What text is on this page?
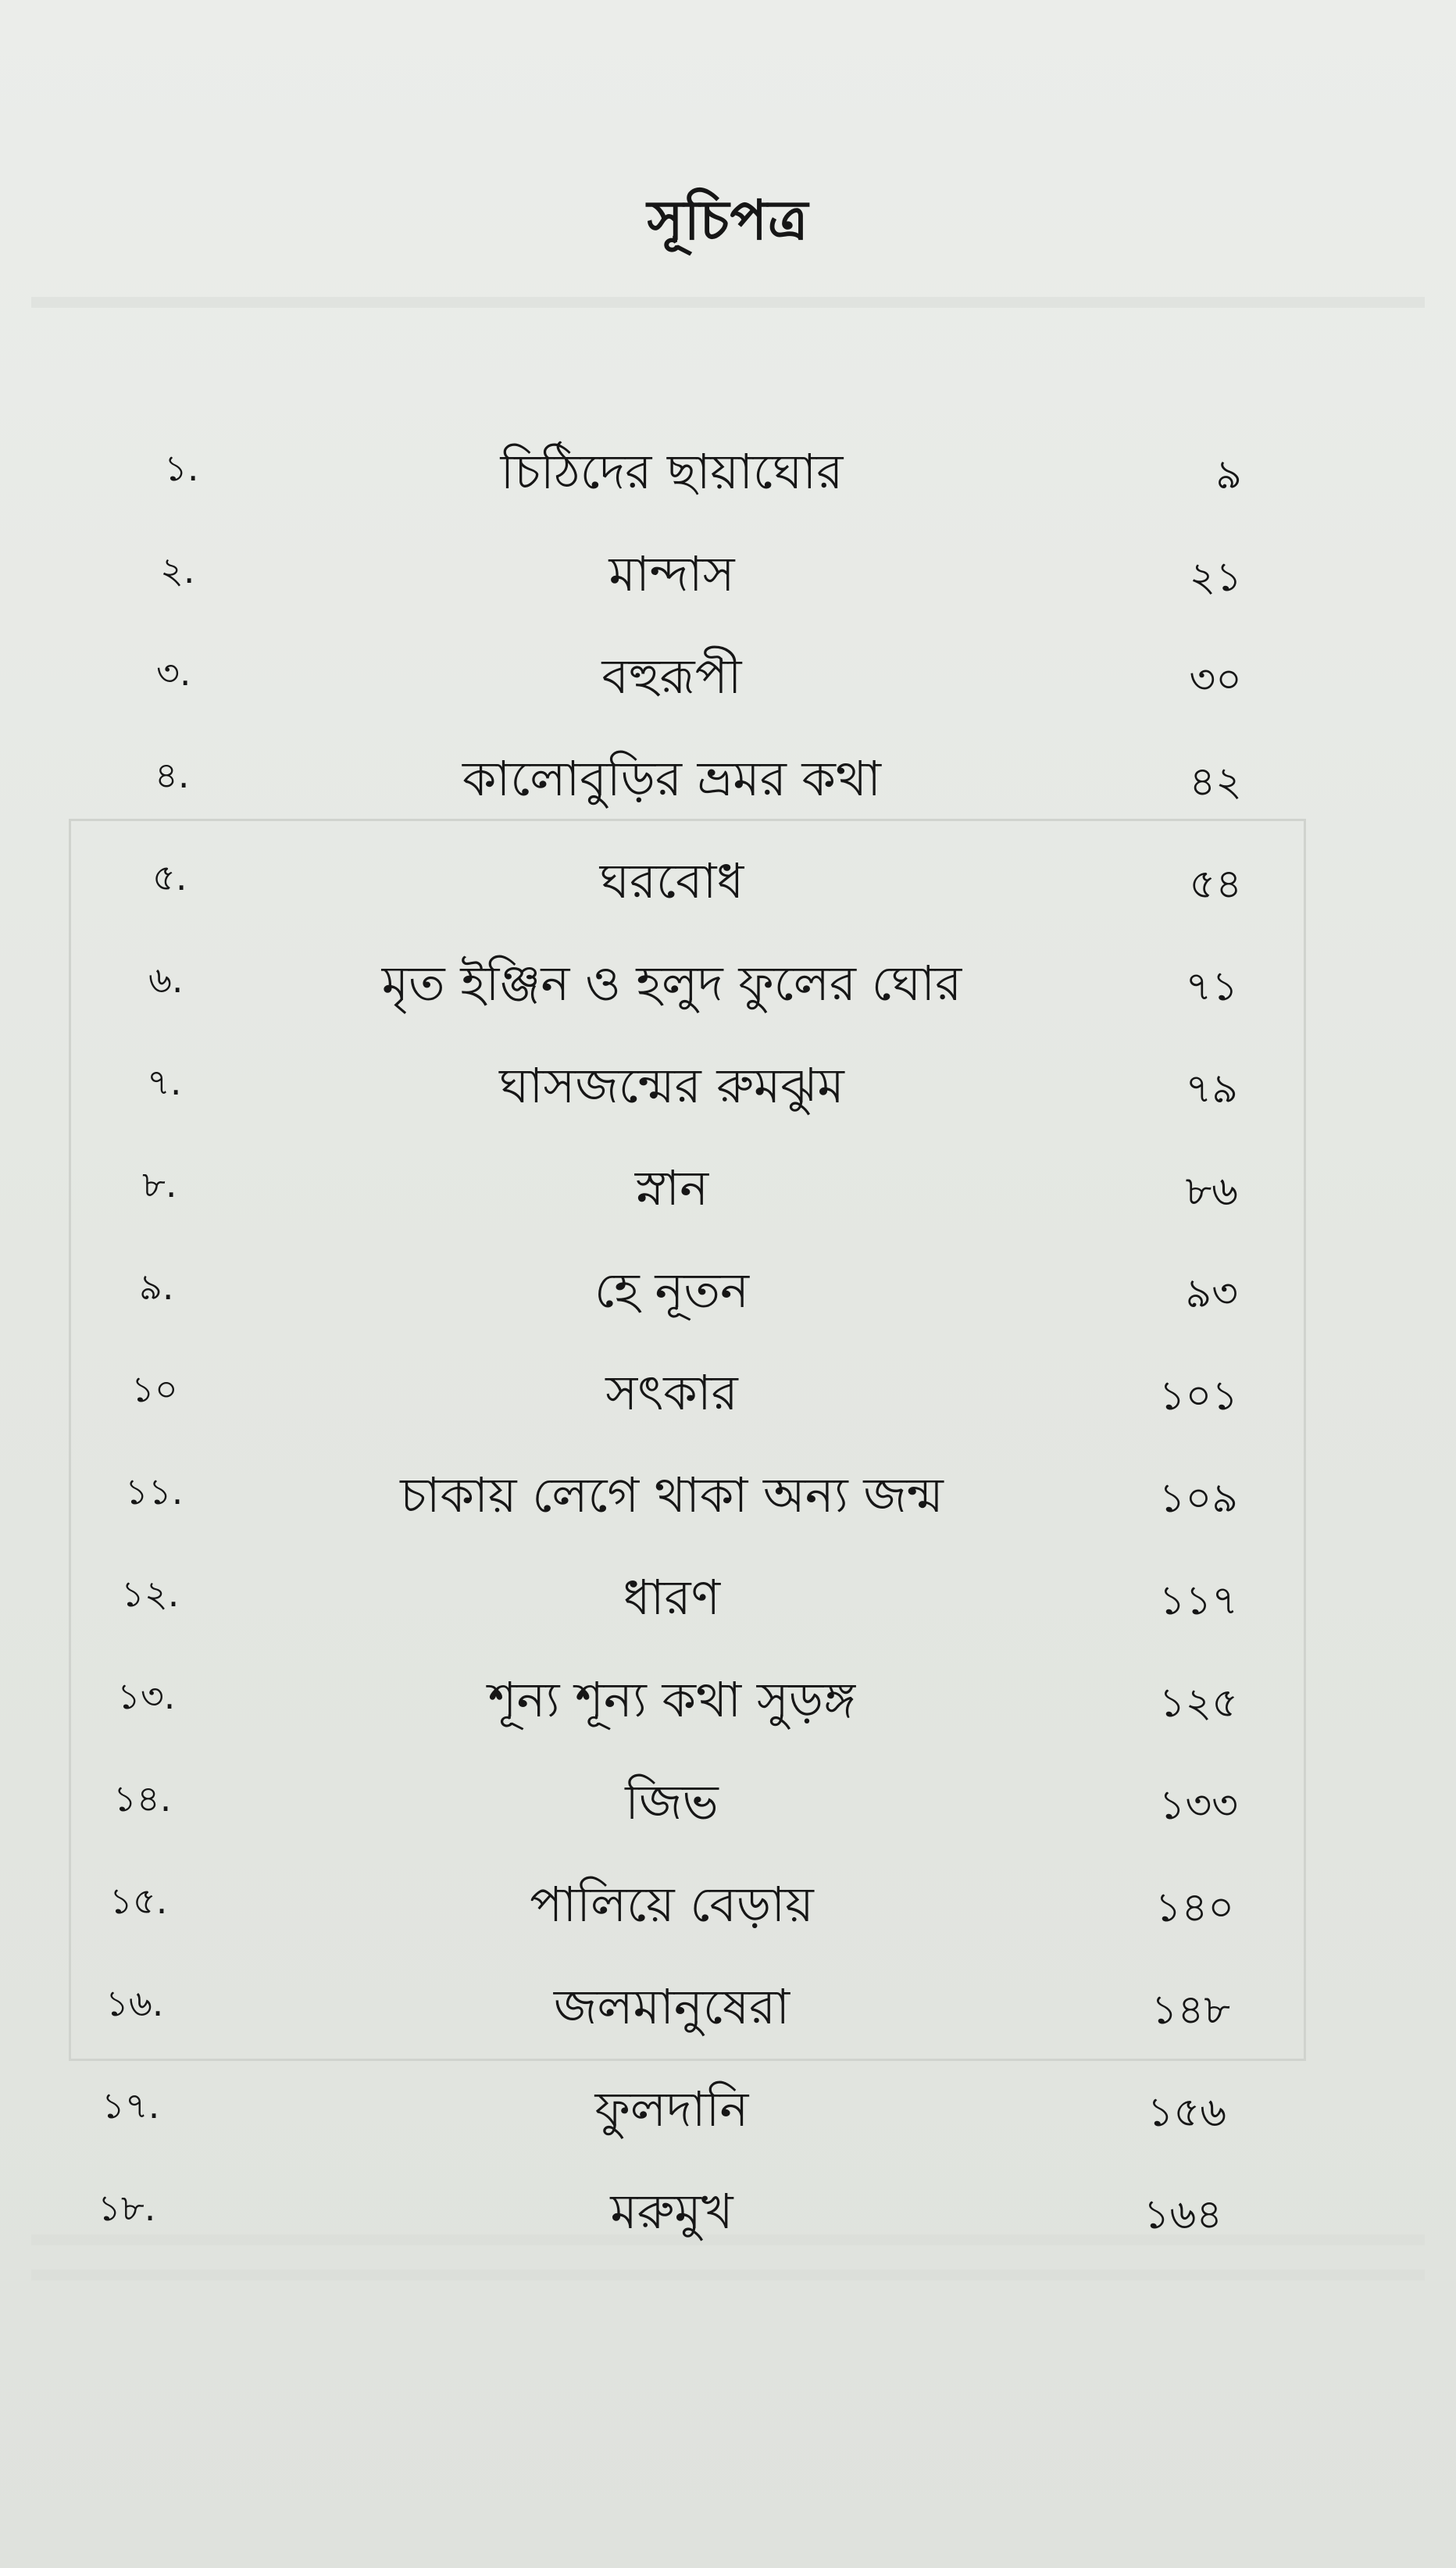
সূচিপত্র
১.	চিঠিদের ছায়াঘোর	৯
২.	মান্দাস	২১
৩.	বহুরূপী	৩০
৪.	কালোবুড়ির ভ্রমর কথা	৪২
৫.	ঘরবোধ	৫৪
৬.	মৃত ইঞ্জিন ও হলুদ ফুলের ঘোর	৭১
৭.	ঘাসজন্মের রুমঝুম	৭৯
৮.	স্নান	৮৬
৯.	হে নূতন	৯৩
১০	সৎকার	১০১
১১.	চাকায় লেগে থাকা অন্য জন্ম	১০৯
১২.	ধারণ	১১৭
১৩.	শূন্য শূন্য কথা সুড়ঙ্গ	১২৫
১৪.	জিভ	১৩৩
১৫.	পালিয়ে বেড়ায়	১৪০
১৬.	জলমানুষেরা	১৪৮
১৭.	ফুলদানি	১৫৬
১৮.	মরুমুখ	১৬৪
